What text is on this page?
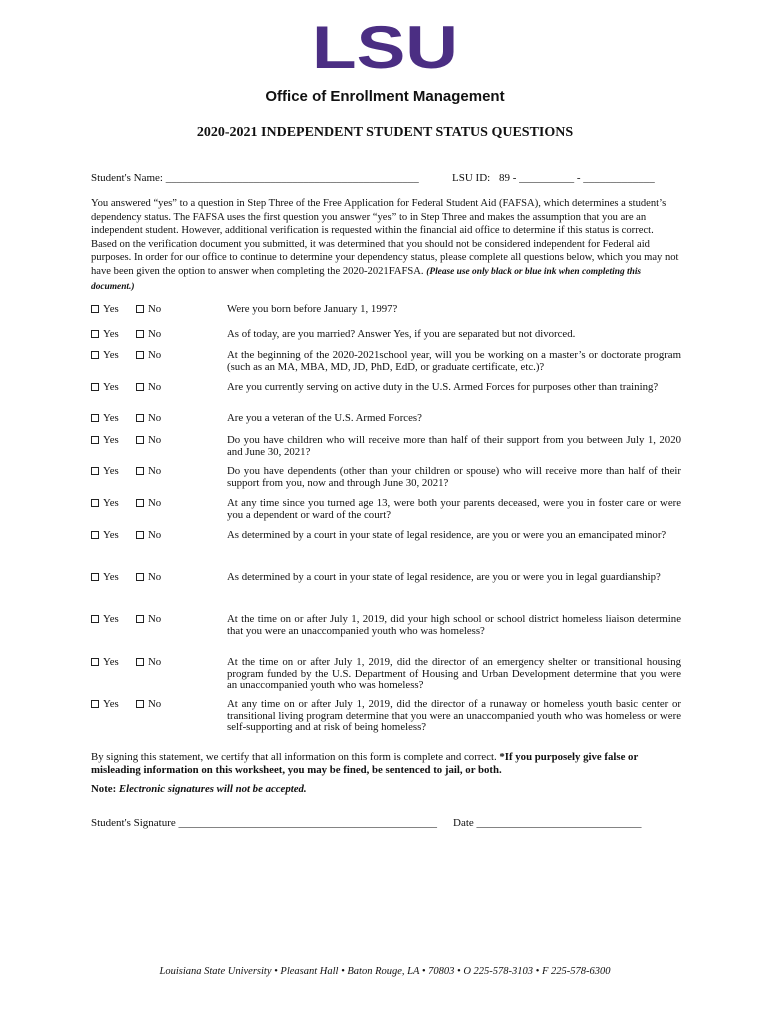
LSU
Office of Enrollment Management
2020-2021 INDEPENDENT STUDENT STATUS QUESTIONS
Student's Name: ______________________________________________	LSU ID: 89 - __________ - _____________
You answered “yes” to a question in Step Three of the Free Application for Federal Student Aid (FAFSA), which determines a student’s dependency status. The FAFSA uses the first question you answer “yes” to in Step Three and makes the assumption that you are an independent student. However, additional verification is requested within the financial aid office to determine if this status is correct. Based on the verification document you submitted, it was determined that you should not be considered independent for Federal aid purposes. In order for our office to continue to determine your dependency status, please complete all questions below, which you may not have been given the option to answer when completing the 2020-2021FAFSA. (Please use only black or blue ink when completing this document.)
Yes	No	Were you born before January 1, 1997?
Yes	No	As of today, are you married? Answer Yes, if you are separated but not divorced.
Yes	No	At the beginning of the 2020-2021school year, will you be working on a master’s or doctorate program (such as an MA, MBA, MD, JD, PhD, EdD, or graduate certificate, etc.)?
Yes	No	Are you currently serving on active duty in the U.S. Armed Forces for purposes other than training?
Yes	No	Are you a veteran of the U.S. Armed Forces?
Yes	No	Do you have children who will receive more than half of their support from you between July 1, 2020 and June 30, 2021?
Yes	No	Do you have dependents (other than your children or spouse) who will receive more than half of their support from you, now and through June 30, 2021?
Yes	No	At any time since you turned age 13, were both your parents deceased, were you in foster care or were you a dependent or ward of the court?
Yes	No	As determined by a court in your state of legal residence, are you or were you an emancipated minor?
Yes	No	As determined by a court in your state of legal residence, are you or were you in legal guardianship?
Yes	No	At the time on or after July 1, 2019, did your high school or school district homeless liaison determine that you were an unaccompanied youth who was homeless?
Yes	No	At the time on or after July 1, 2019, did the director of an emergency shelter or transitional housing program funded by the U.S. Department of Housing and Urban Development determine that you were an unaccompanied youth who was homeless?
Yes	No	At any time on or after July 1, 2019, did the director of a runaway or homeless youth basic center or transitional living program determine that you were an unaccompanied youth who was homeless or were self-supporting and at risk of being homeless?
By signing this statement, we certify that all information on this form is complete and correct. *If you purposely give false or misleading information on this worksheet, you may be fined, be sentenced to jail, or both.
Note: Electronic signatures will not be accepted.
Student's Signature _______________________________________________ Date ______________________________
Louisiana State University • Pleasant Hall • Baton Rouge, LA • 70803 • O 225-578-3103 • F 225-578-6300
